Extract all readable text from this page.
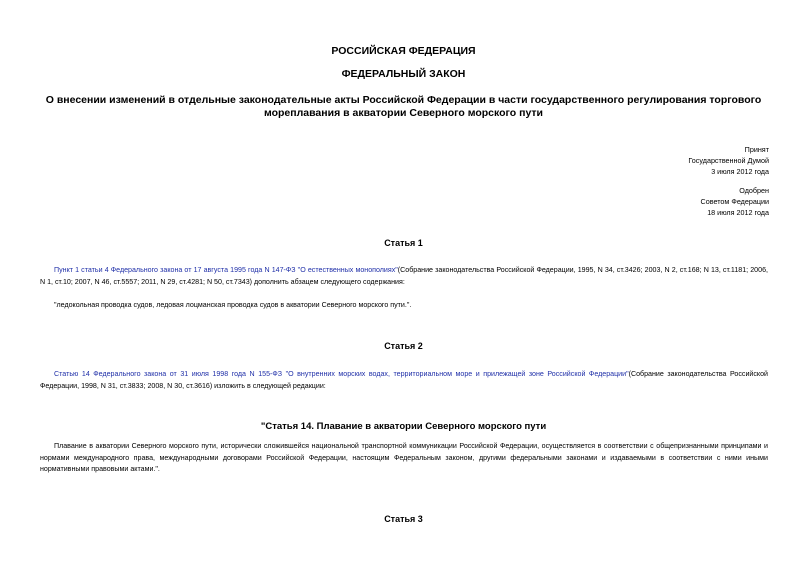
РОССИЙСКАЯ ФЕДЕРАЦИЯ
ФЕДЕРАЛЬНЫЙ ЗАКОН
О внесении изменений в отдельные законодательные акты Российской Федерации в части государственного регулирования торгового мореплавания в акватории Северного морского пути
Принят
Государственной Думой
3 июля 2012 года
Одобрен
Советом Федерации
18 июля 2012 года
Статья 1
Пункт 1 статьи 4 Федерального закона от 17 августа 1995 года N 147-ФЗ "О естественных монополиях"(Собрание законодательства Российской Федерации, 1995, N 34, ст.3426; 2003, N 2, ст.168; N 13, ст.1181; 2006, N 1, ст.10; 2007, N 46, ст.5557; 2011, N 29, ст.4281; N 50, ст.7343) дополнить абзацем следующего содержания:
"ледокольная проводка судов, ледовая лоцманская проводка судов в акватории Северного морского пути.".
Статья 2
Статью 14 Федерального закона от 31 июля 1998 года N 155-ФЗ "О внутренних морских водах, территориальном море и прилежащей зоне Российской Федерации"(Собрание законодательства Российской Федерации, 1998, N 31, ст.3833; 2008, N 30, ст.3616) изложить в следующей редакции:
"Статья 14. Плавание в акватории Северного морского пути
Плавание в акватории Северного морского пути, исторически сложившейся национальной транспортной коммуникации Российской Федерации, осуществляется в соответствии с общепризнанными принципами и нормами международного права, международными договорами Российской Федерации, настоящим Федеральным законом, другими федеральными законами и издаваемыми в соответствии с ними иными нормативными правовыми актами.".
Статья 3
